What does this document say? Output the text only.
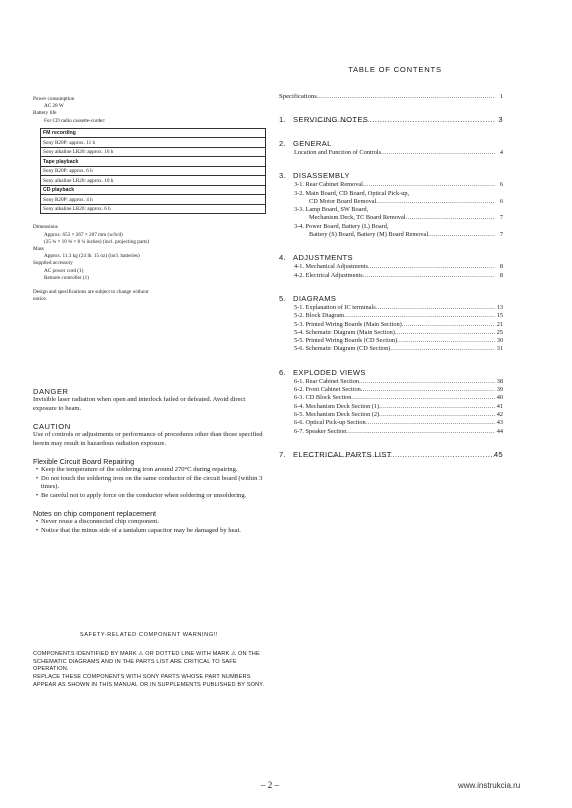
Power consumption
AC 28 W
Battery life
For CD radio cassette-corder:
FM recording
Sony R20P: approx. 11 h
Sony alkaline LR20: approx. 16 h
Tape playback
Sony R20P: approx. 6 h
Sony alkaline LR20: approx. 10 h
CD playback
Sony R20P: approx. 4 h
Sony alkaline LR20: approx. 6 h
Dimensions
Approx. 653 × 267 × 207 mm (w/h/d)
(25 ¾ × 10 ⅝ × 8 ¼ inches) (incl. projecting parts)
Mass
Approx. 11.3 kg (24 lb. 15 oz) (incl. batteries)
Supplied accessory
AC power cord (1)
Remote controller (1)
Design and specifications are subject to change without
notice.
DANGER

Invisible laser radiation when open and interlock failed or defeated. Avoid direct exposure to beam.

CAUTION

Use of controls or adjustments or performance of procedures other than those specified herein may result in hazardous radiation exposure.

Flexible Circuit Board Repairing
• Keep the temperature of the soldering iron around 270°C during repairing.
• Do not touch the soldering iron on the same conductor of the circuit board (within 3 times).
• Be careful not to apply force on the conductor when soldering or unsoldering.
Notes on chip component replacement
• Never reuse a disconnected chip component.
• Notice that the minus side of a tantalum capacitor may be damaged by heat.
SAFETY-RELATED COMPONENT WARNING!!

COMPONENTS IDENTIFIED BY MARK ⚠ OR DOTTED LINE WITH MARK ⚠ ON THE SCHEMATIC DIAGRAMS AND IN THE PARTS LIST ARE CRITICAL TO SAFE OPERATION.

REPLACE THESE COMPONENTS WITH SONY PARTS WHOSE PART NUMBERS APPEAR AS SHOWN IN THIS MANUAL OR IN SUPPLEMENTS PUBLISHED BY SONY.

TABLE OF CONTENTS
Specifications .....	1
1. SERVICING NOTES .....	3
2. GENERAL
Location and Function of Controls .....	4
3. DISASSEMBLY
3-1. Rear Cabinet Removal .....	6
3-2. Main Board, CD Board, Optical Pick-up,
CD Motor Board Removal .....	6
3-3. Lamp Board, SW Board,
Mechanism Deck, TC Board Removal .....	7
3-4. Power Board, Battery (L) Board,
Battery (S) Board, Battery (M) Board Removal .....	7
4. ADJUSTMENTS
4-1. Mechanical Adjustments .....	8
4-2. Electrical Adjustments .....	8
5. DIAGRAMS
5-1. Explanation of IC terminals .....	13
5-2. Block Diagram .....	15
5-3. Printed Wiring Boards (Main Section) .....	21
5-4. Schematic Diagram (Main Section) .....	25
5-5. Printed Wiring Boards (CD Section) .....	30
5-6. Schematic Diagram (CD Section) .....	31
6. EXPLODED VIEWS
6-1. Rear Cabinet Section .....	38
6-2. Front Cabinet Section .....	39
6-3. CD Block Section .....	40
6-4. Mechanism Deck Section (1) .....	41
6-5. Mechanism Deck Section (2) .....	42
6-6. Optical Pick-up Section .....	43
6-7. Speaker Section .....	44
7. ELECTRICAL PARTS LIST .....	45
– 2 –	www.instrukcia.ru
